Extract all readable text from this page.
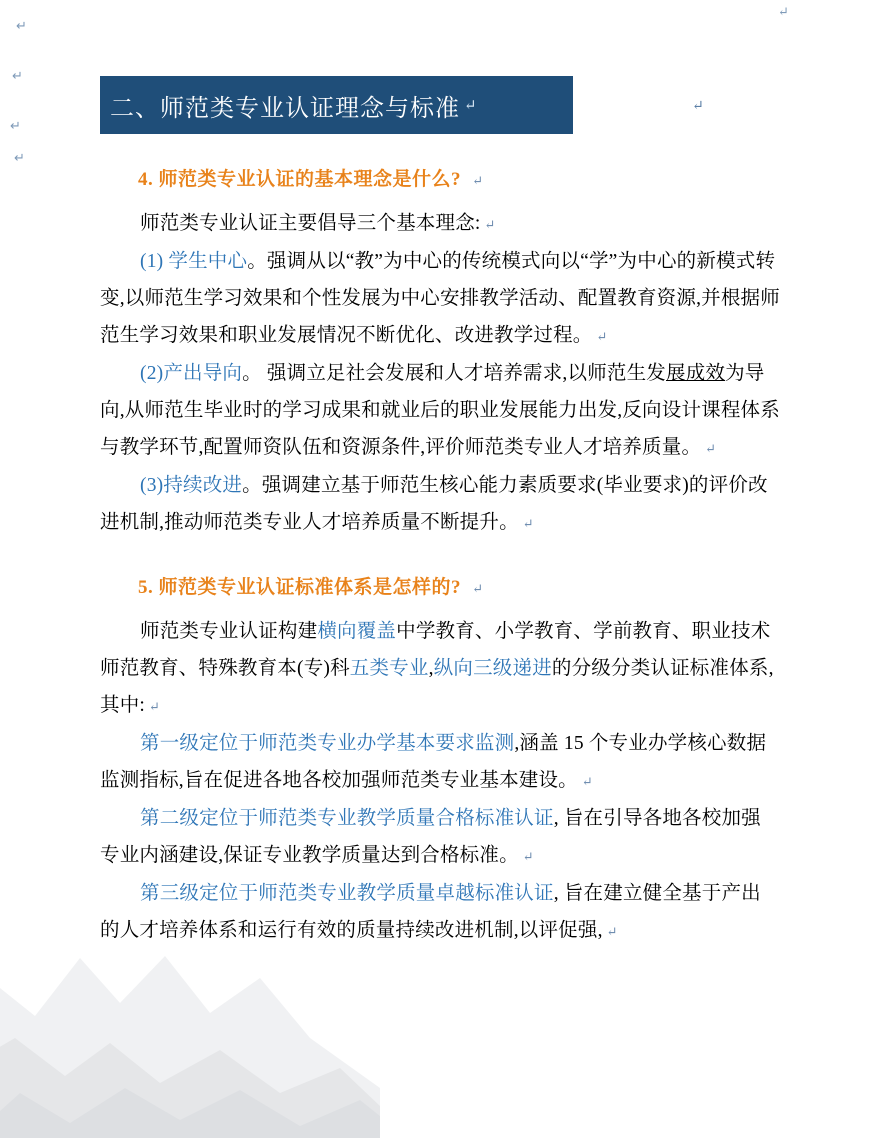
↵
↵
↵
↵
↵
二、师范类专业认证理念与标准 ↵	↵
4. 师范类专业认证的基本理念是什么? ↵

师范类专业认证主要倡导三个基本理念: ↵

(1) 学生中心。强调从以“教”为中心的传统模式向以“学”为中心的新模式转变,以师范生学习效果和个性发展为中心安排教学活动、配置教育资源,并根据师范生学习效果和职业发展情况不断优化、改进教学过程。 ↵

(2)产出导向。 强调立足社会发展和人才培养需求,以师范生发展成效为导向,从师范生毕业时的学习成果和就业后的职业发展能力出发,反向设计课程体系与教学环节,配置师资队伍和资源条件,评价师范类专业人才培养质量。 ↵

(3)持续改进。强调建立基于师范生核心能力素质要求(毕业要求)的评价改进机制,推动师范类专业人才培养质量不断提升。 ↵

5. 师范类专业认证标准体系是怎样的? ↵

师范类专业认证构建横向覆盖中学教育、小学教育、学前教育、职业技术师范教育、特殊教育本(专)科五类专业,纵向三级递进的分级分类认证标准体系,其中: ↵

第一级定位于师范类专业办学基本要求监测,涵盖 15 个专业办学核心数据监测指标,旨在促进各地各校加强师范类专业基本建设。 ↵

第二级定位于师范类专业教学质量合格标准认证, 旨在引导各地各校加强专业内涵建设,保证专业教学质量达到合格标准。 ↵

第三级定位于师范类专业教学质量卓越标准认证, 旨在建立健全基于产出的人才培养体系和运行有效的质量持续改进机制,以评促强, ↵
